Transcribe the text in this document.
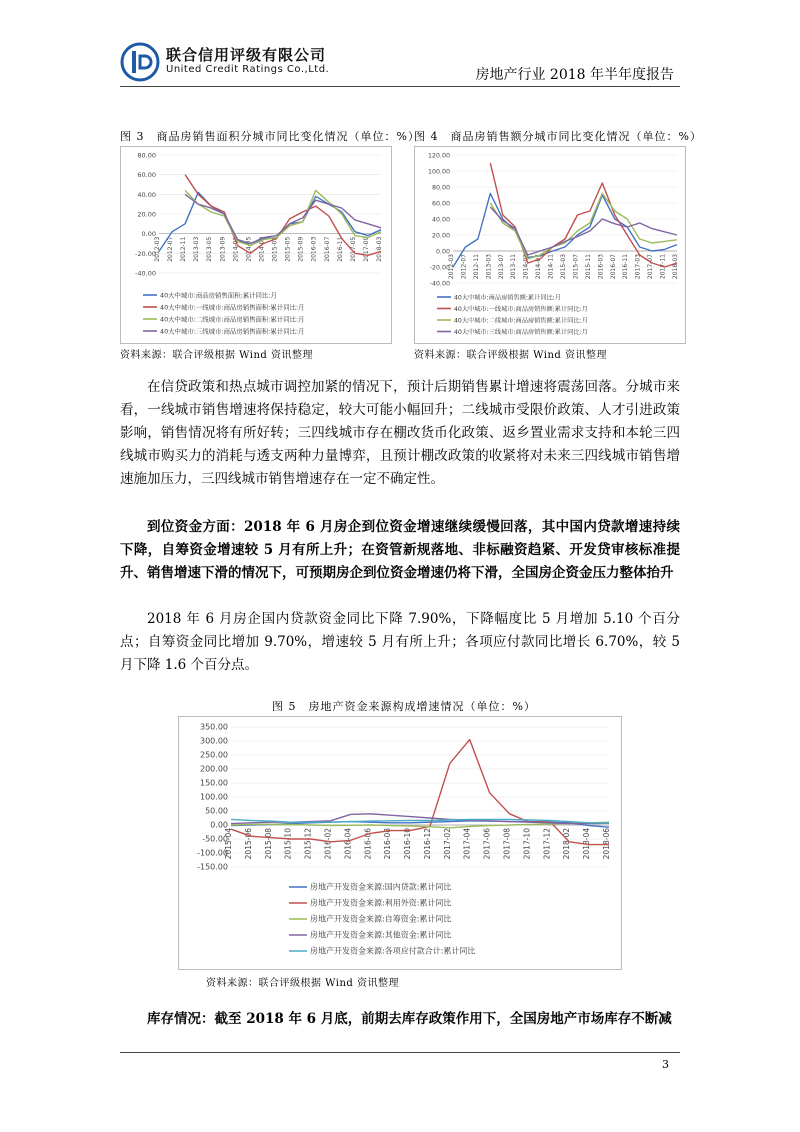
联合信用评级有限公司
United Credit Ratings Co.,Ltd.	房地产行业 2018 年半年度报告
图 3　商品房销售面积分城市同比变化情况（单位：%）
图 4　商品房销售额分城市同比变化情况（单位：%）
80.00
60.00
40.00
20.00
0.00
-20.00
-40.00
2012-03 2012-07 2012-11 2013-03 2013-05 2013-09 2014-01 2014-05 2014-09 2015-01 2015-05 2015-09 2016-03 2016-07 2016-11 2017-05 2017-09 2018-03
40大中城市:商品房销售面积:累计同比:月
40大中城市:一线城市:商品房销售面积:累计同比:月
40大中城市:二线城市:商品房销售面积:累计同比:月
40大中城市:三线城市:商品房销售面积:累计同比:月
资料来源：联合评级根据 Wind 资讯整理
120.00
100.00
80.00
60.00
40.00
20.00
0.00
-20.00
-40.00
2012-03 2012-07 2012-11 2013-03 2013-07 2013-11 2014-03 2014-07 2014-11 2015-03 2015-07 2015-11 2016-03 2016-07 2016-11 2017-03 2017-07 2017-11 2018-03
40大中城市:商品房销售额:累计同比:月
40大中城市:一线城市:商品房销售额:累计同比:月
40大中城市:二线城市:商品房销售额:累计同比:月
40大中城市:三线城市:商品房销售额:累计同比:月
资料来源：联合评级根据 Wind 资讯整理
在信贷政策和热点城市调控加紧的情况下，预计后期销售累计增速将震荡回落。分城市来看，一线城市销售增速将保持稳定，较大可能小幅回升；二线城市受限价政策、人才引进政策影响，销售情况将有所好转；三四线城市存在棚改货币化政策、返乡置业需求支持和本轮三四线城市购买力的消耗与透支两种力量博弈，且预计棚改政策的收紧将对未来三四线城市销售增速施加压力，三四线城市销售增速存在一定不确定性。
到位资金方面：2018 年 6 月房企到位资金增速继续缓慢回落，其中国内贷款增速持续下降，自筹资金增速较 5 月有所上升；在资管新规落地、非标融资趋紧、开发贷审核标准提升、销售增速下滑的情况下，可预期房企到位资金增速仍将下滑，全国房企资金压力整体抬升
2018 年 6 月房企国内贷款资金同比下降 7.90%，下降幅度比 5 月增加 5.10 个百分点；自筹资金同比增加 9.70%，增速较 5 月有所上升；各项应付款同比增长 6.70%，较 5 月下降 1.6 个百分点。
图 5　房地产资金来源构成增速情况（单位：%）
350.00
300.00
250.00
200.00
150.00
100.00
50.00
0.00
-50.00
-100.00
-150.00
2015-04 2015-06 2015-08 2015-10 2015-12 2016-02 2016-04 2016-06 2016-08 2016-10 2016-12 2017-02 2017-04 2017-06 2017-08 2017-10 2017-12 2018-02 2018-04 2018-06
房地产开发资金来源:国内贷款:累计同比
房地产开发资金来源:利用外资:累计同比
房地产开发资金来源:自筹资金:累计同比
房地产开发资金来源:其他资金:累计同比
房地产开发资金来源:各项应付款合计:累计同比
资料来源：联合评级根据 Wind 资讯整理
库存情况：截至 2018 年 6 月底，前期去库存政策作用下，全国房地产市场库存不断减
3
